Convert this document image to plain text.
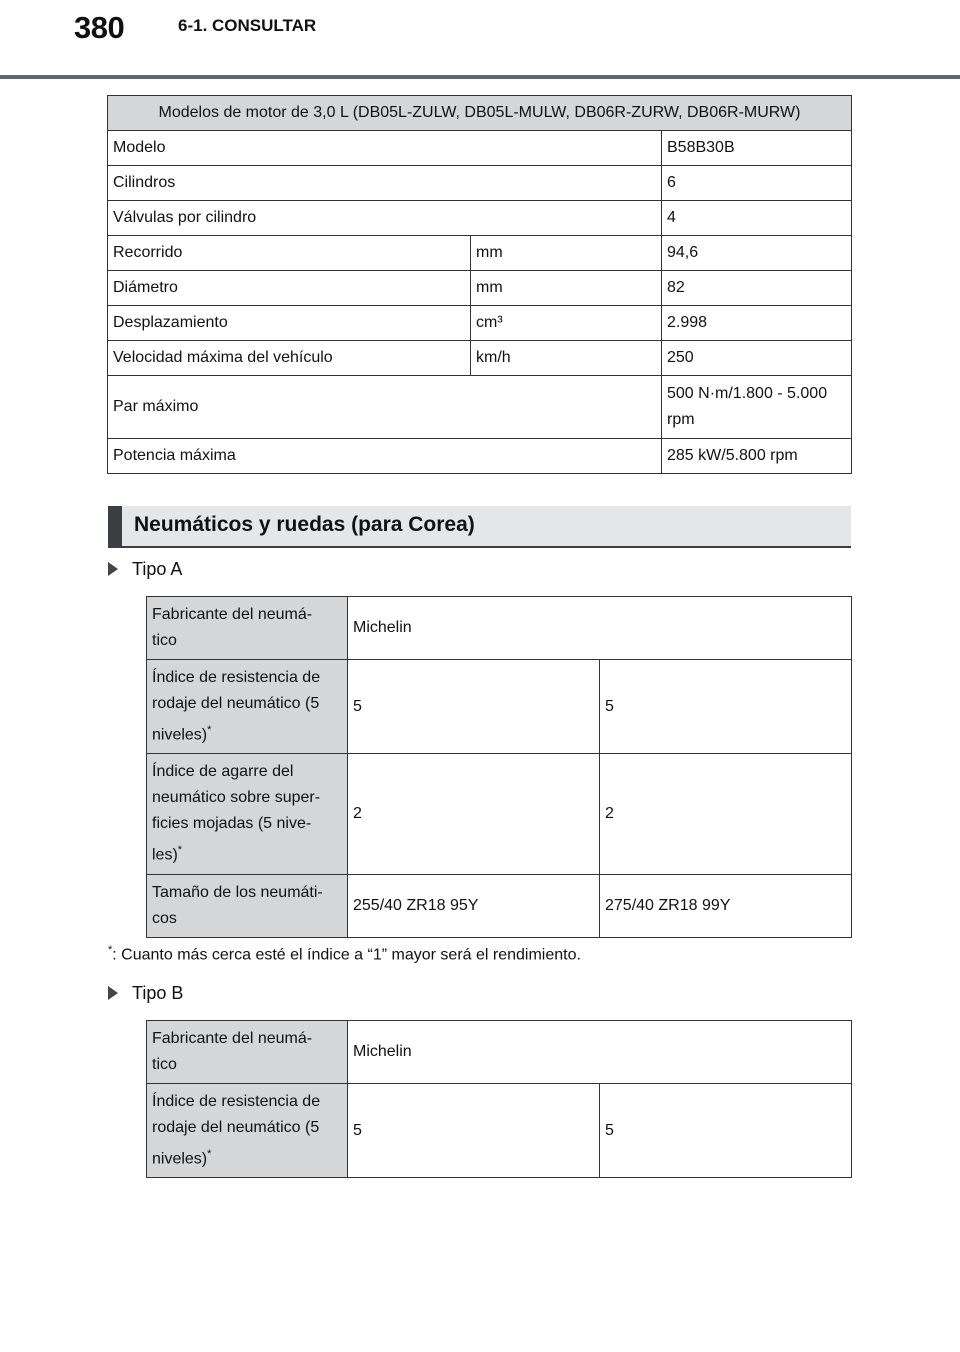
380	6-1. CONSULTAR
Modelos de motor de 3,0 L (DB05L-ZULW, DB05L-MULW, DB06R-ZURW, DB06R-MURW)		
Modelo		B58B30B
Cilindros		6
Válvulas por cilindro		4
Recorrido	mm	94,6
Diámetro	mm	82
Desplazamiento	cm³	2.998
Velocidad máxima del vehículo	km/h	250
Par máximo		500 N·m/1.800 - 5.000
rpm

Potencia máxima		285 kW/5.800 rpm
Neumáticos y ruedas (para Corea)
Tipo A
Fabricante del neumá-
tico	Michelin	

Índice de resistencia de
rodaje del neumático (5
niveles)*	5	5

Índice de agarre del
neumático sobre super-
ficies mojadas (5 nive-
les)*	2	2

Tamaño de los neumáti-
cos	255/40 ZR18 95Y	275/40 ZR18 99Y
*: Cuanto más cerca esté el índice a “1” mayor será el rendimiento.
Tipo B
Fabricante del neumá-
tico	Michelin	

Índice de resistencia de
rodaje del neumático (5
niveles)*	5	5
